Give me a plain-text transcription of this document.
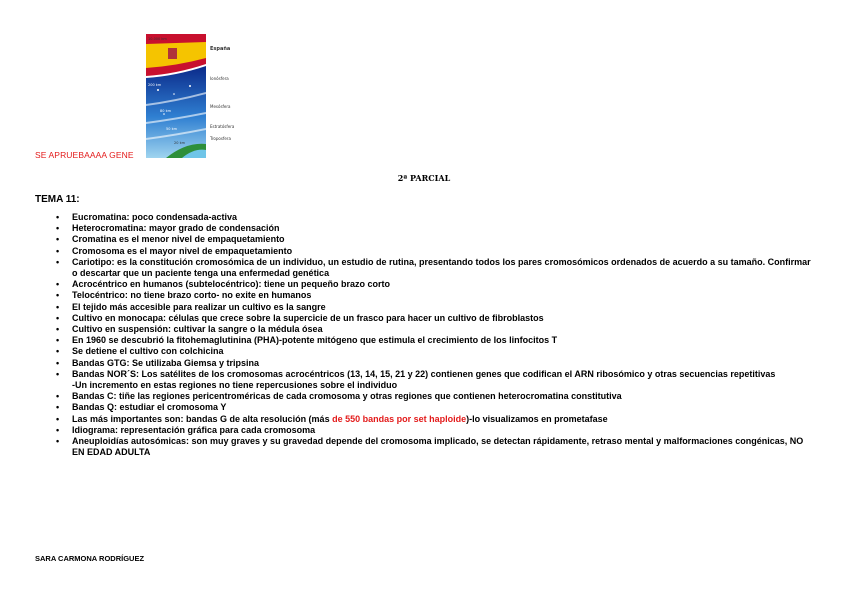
10.000 km
200 km
80 km
50 km
20 km
España
Ionósfera
Mesósfera
Estratósfera
Troposfera
SE APRUEBAAAA GENE
2ª PARCIAL
TEMA 11:
• Eucromatina: poco condensada-activa
• Heterocromatina: mayor grado de condensación
• Cromatina es el menor nivel de empaquetamiento
• Cromosoma es el mayor nivel de empaquetamiento
• Cariotipo: es la constitución cromosómica de un individuo, un estudio de rutina, presentando todos los pares cromosómicos ordenados de acuerdo a su tamaño. Confirmar o descartar que un paciente tenga una enfermedad genética
• Acrocéntrico en humanos (subtelocéntrico): tiene un pequeño brazo corto
• Telocéntrico: no tiene brazo corto- no exite en humanos
• El tejido más accesible para realizar un cultivo es la sangre
• Cultivo en monocapa: células que crece sobre la supercicie de un frasco para hacer un cultivo de fibroblastos
• Cultivo en suspensión: cultivar la sangre o la médula ósea
• En 1960 se descubrió la fitohemaglutinina (PHA)-potente mitógeno que estimula el crecimiento de los linfocitos T
• Se detiene el cultivo con colchicina
• Bandas GTG: Se utilizaba Giemsa y tripsina
• Bandas NOR´S: Los satélites de los cromosomas acrocéntricos (13, 14, 15, 21 y 22) contienen genes que codifican el ARN ribosómico y otras secuencias repetitivas
-Un incremento en estas regiones no tiene repercusiones sobre el individuo
• Bandas C: tiñe las regiones pericentroméricas de cada cromosoma y otras regiones que contienen heterocromatina constitutiva
• Bandas Q: estudiar el cromosoma Y
• Las más importantes son: bandas G de alta resolución (más de 550 bandas por set haploide)-lo visualizamos en prometafase
• Idiograma: representación gráfica para cada cromosoma
• Aneuploidías autosómicas: son muy graves y su gravedad depende del cromosoma implicado, se detectan rápidamente, retraso mental y malformaciones congénicas, NO EN EDAD ADULTA
SARA CARMONA RODRÍGUEZ
